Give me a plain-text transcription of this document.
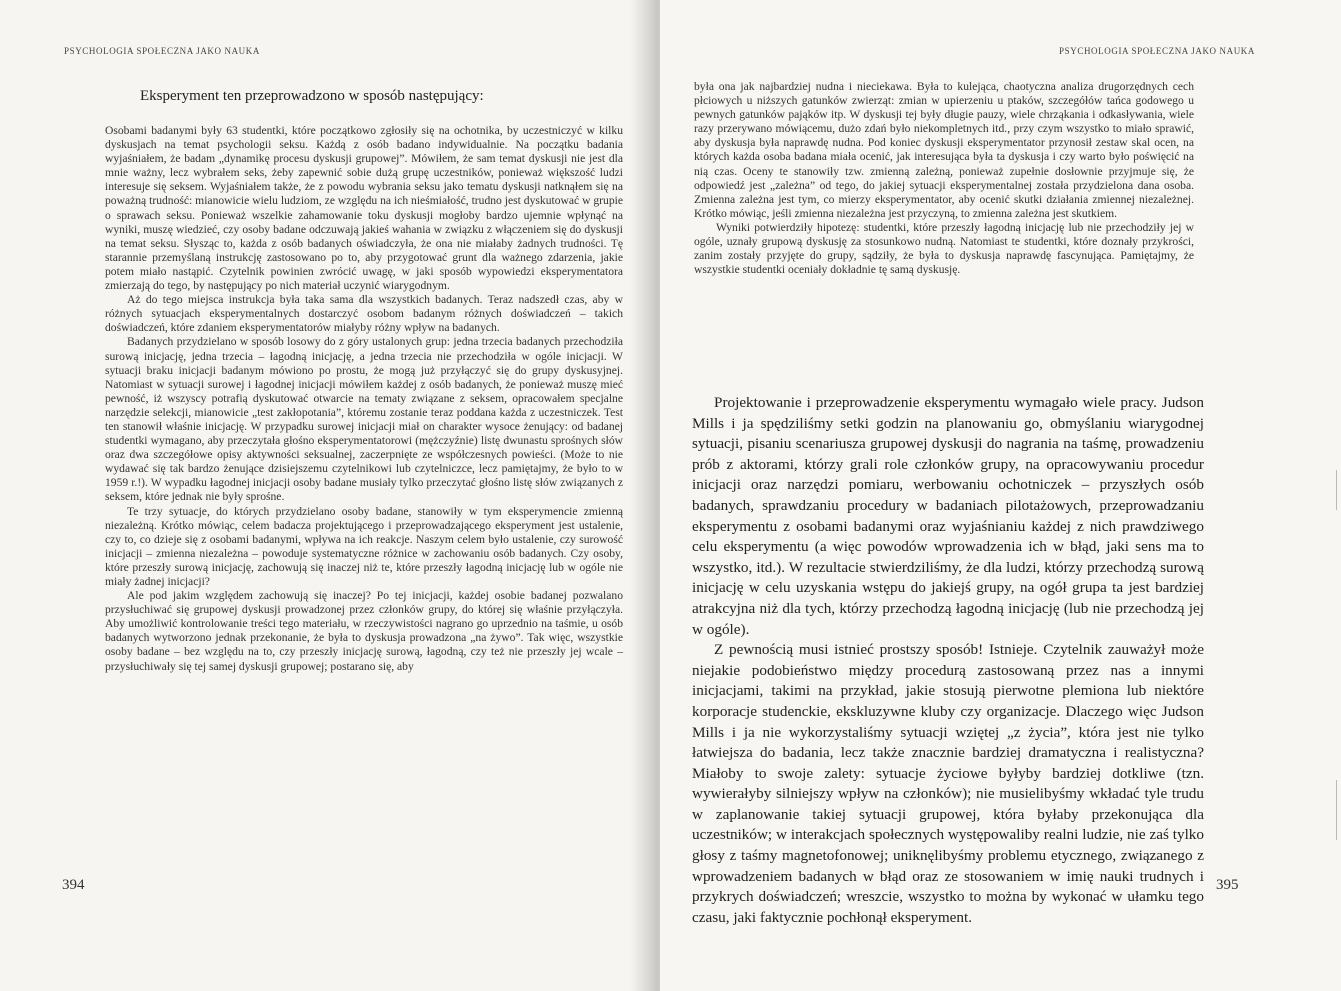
PSYCHOLOGIA SPOŁECZNA JAKO NAUKA
Eksperyment ten przeprowadzono w sposób następujący:

Osobami badanymi były 63 studentki, które początkowo zgłosiły się na ochotnika, by uczestniczyć w kilku dyskusjach na temat psychologii seksu. Każdą z osób badano indywidualnie. Na początku badania wyjaśniałem, że badam „dynamikę procesu dyskusji grupowej”. Mówiłem, że sam temat dyskusji nie jest dla mnie ważny, lecz wybrałem seks, żeby zapewnić sobie dużą grupę uczestników, ponieważ większość ludzi interesuje się seksem. Wyjaśniałem także, że z powodu wybrania seksu jako tematu dyskusji natknąłem się na poważną trudność: mianowicie wielu ludziom, ze względu na ich nieśmiałość, trudno jest dyskutować w grupie o sprawach seksu. Ponieważ wszelkie zahamowanie toku dyskusji mogłoby bardzo ujemnie wpłynąć na wyniki, muszę wiedzieć, czy osoby badane odczuwają jakieś wahania w związku z włączeniem się do dyskusji na temat seksu. Słysząc to, każda z osób badanych oświadczyła, że ona nie miałaby żadnych trudności. Tę starannie przemyślaną instrukcję zastosowano po to, aby przygotować grunt dla ważnego zdarzenia, jakie potem miało nastąpić. Czytelnik powinien zwrócić uwagę, w jaki sposób wypowiedzi eksperymentatora zmierzają do tego, by następujący po nich materiał uczynić wiarygodnym.

Aż do tego miejsca instrukcja była taka sama dla wszystkich badanych. Teraz nadszedł czas, aby w różnych sytuacjach eksperymentalnych dostarczyć osobom badanym różnych doświadczeń – takich doświadczeń, które zdaniem eksperymentatorów miałyby różny wpływ na badanych.

Badanych przydzielano w sposób losowy do z góry ustalonych grup: jedna trzecia badanych przechodziła surową inicjację, jedna trzecia – łagodną inicjację, a jedna trzecia nie przechodziła w ogóle inicjacji. W sytuacji braku inicjacji badanym mówiono po prostu, że mogą już przyłączyć się do grupy dyskusyjnej. Natomiast w sytuacji surowej i łagodnej inicjacji mówiłem każdej z osób badanych, że ponieważ muszę mieć pewność, iż wszyscy potrafią dyskutować otwarcie na tematy związane z seksem, opracowałem specjalne narzędzie selekcji, mianowicie „test zakłopotania”, któremu zostanie teraz poddana każda z uczestniczek. Test ten stanowił właśnie inicjację. W przypadku surowej inicjacji miał on charakter wysoce żenujący: od badanej studentki wymagano, aby przeczytała głośno eksperymentatorowi (mężczyźnie) listę dwunastu sprośnych słów oraz dwa szczegółowe opisy aktywności seksualnej, zaczerpnięte ze współczesnych powieści. (Może to nie wydawać się tak bardzo żenujące dzisiejszemu czytelnikowi lub czytelniczce, lecz pamiętajmy, że było to w 1959 r.!). W wypadku łagodnej inicjacji osoby badane musiały tylko przeczytać głośno listę słów związanych z seksem, które jednak nie były sprośne.

Te trzy sytuacje, do których przydzielano osoby badane, stanowiły w tym eksperymencie zmienną niezależną. Krótko mówiąc, celem badacza projektującego i przeprowadzającego eksperyment jest ustalenie, czy to, co dzieje się z osobami badanymi, wpływa na ich reakcje. Naszym celem było ustalenie, czy surowość inicjacji – zmienna niezależna – powoduje systematyczne różnice w zachowaniu osób badanych. Czy osoby, które przeszły surową inicjację, zachowują się inaczej niż te, które przeszły łagodną inicjację lub w ogóle nie miały żadnej inicjacji?

Ale pod jakim względem zachowują się inaczej? Po tej inicjacji, każdej osobie badanej pozwalano przysłuchiwać się grupowej dyskusji prowadzonej przez członków grupy, do której się właśnie przyłączyła. Aby umożliwić kontrolowanie treści tego materiału, w rzeczywistości nagrano go uprzednio na taśmie, u osób badanych wytworzono jednak przekonanie, że była to dyskusja prowadzona „na żywo”. Tak więc, wszystkie osoby badane – bez względu na to, czy przeszły inicjację surową, łagodną, czy też nie przeszły jej wcale – przysłuchiwały się tej samej dyskusji grupowej; postarano się, aby

394
PSYCHOLOGIA SPOŁECZNA JAKO NAUKA

była ona jak najbardziej nudna i nieciekawa. Była to kulejąca, chaotyczna analiza drugorzędnych cech płciowych u niższych gatunków zwierząt: zmian w upierzeniu u ptaków, szczegółów tańca godowego u pewnych gatunków pająków itp. W dyskusji tej były długie pauzy, wiele chrząkania i odkasływania, wiele razy przerywano mówiącemu, dużo zdań było niekompletnych itd., przy czym wszystko to miało sprawić, aby dyskusja była naprawdę nudna. Pod koniec dyskusji eksperymentator przynosił zestaw skal ocen, na których każda osoba badana miała ocenić, jak interesująca była ta dyskusja i czy warto było poświęcić na nią czas. Oceny te stanowiły tzw. zmienną zależną, ponieważ zupełnie dosłownie przyjmuje się, że odpowiedź jest „zależna” od tego, do jakiej sytuacji eksperymentalnej została przydzielona dana osoba. Zmienna zależna jest tym, co mierzy eksperymentator, aby ocenić skutki działania zmiennej niezależnej. Krótko mówiąc, jeśli zmienna niezależna jest przyczyną, to zmienna zależna jest skutkiem.

Wyniki potwierdziły hipotezę: studentki, które przeszły łagodną inicjację lub nie przechodziły jej w ogóle, uznały grupową dyskusję za stosunkowo nudną. Natomiast te studentki, które doznały przykrości, zanim zostały przyjęte do grupy, sądziły, że była to dyskusja naprawdę fascynująca. Pamiętajmy, że wszystkie studentki oceniały dokładnie tę samą dyskusję.

Projektowanie i przeprowadzenie eksperymentu wymagało wiele pracy. Judson Mills i ja spędziliśmy setki godzin na planowaniu go, obmyślaniu wiarygodnej sytuacji, pisaniu scenariusza grupowej dyskusji do nagrania na taśmę, prowadzeniu prób z aktorami, którzy grali role członków grupy, na opracowywaniu procedur inicjacji oraz narzędzi pomiaru, werbowaniu ochotniczek – przyszłych osób badanych, sprawdzaniu procedury w badaniach pilotażowych, przeprowadzaniu eksperymentu z osobami badanymi oraz wyjaśnianiu każdej z nich prawdziwego celu eksperymentu (a więc powodów wprowadzenia ich w błąd, jaki sens ma to wszystko, itd.). W rezultacie stwierdziliśmy, że dla ludzi, którzy przechodzą surową inicjację w celu uzyskania wstępu do jakiejś grupy, na ogół grupa ta jest bardziej atrakcyjna niż dla tych, którzy przechodzą łagodną inicjację (lub nie przechodzą jej w ogóle).

Z pewnością musi istnieć prostszy sposób! Istnieje. Czytelnik zauważył może niejakie podobieństwo między procedurą zastosowaną przez nas a innymi inicjacjami, takimi na przykład, jakie stosują pierwotne plemiona lub niektóre korporacje studenckie, ekskluzywne kluby czy organizacje. Dlaczego więc Judson Mills i ja nie wykorzystaliśmy sytuacji wziętej „z życia”, która jest nie tylko łatwiejsza do badania, lecz także znacznie bardziej dramatyczna i realistyczna? Miałoby to swoje zalety: sytuacje życiowe byłyby bardziej dotkliwe (tzn. wywierałyby silniejszy wpływ na członków); nie musielibyśmy wkładać tyle trudu w zaplanowanie takiej sytuacji grupowej, która byłaby przekonująca dla uczestników; w interakcjach społecznych występowaliby realni ludzie, nie zaś tylko głosy z taśmy magnetofonowej; uniknęlibyśmy problemu etycznego, związanego z wprowadzeniem badanych w błąd oraz ze stosowaniem w imię nauki trudnych i przykrych doświadczeń; wreszcie, wszystko to można by wykonać w ułamku tego czasu, jaki faktycznie pochłonął eksperyment.

395
